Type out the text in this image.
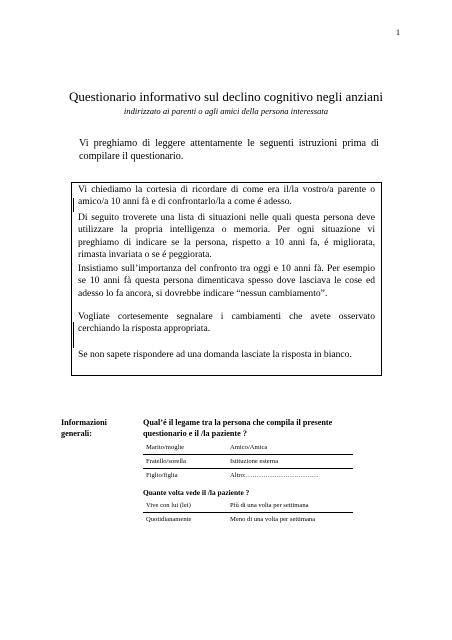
1
Questionario informativo sul declino cognitivo negli anziani
indirizzato ai parenti o agli amici della persona interessata
Vi preghiamo di leggere attentamente le seguenti istruzioni prima di compilare il questionario.
Vi chiediamo la cortesia di ricordare di come era il/la vostro/a parente o amico/a 10 anni fà e di confrontarlo/la a come é adesso.
Di seguito troverete una lista di situazioni nelle quali questa persona deve utilizzare la propria intelligenza o memoria. Per ogni situazione vi preghiamo di indicare se la persona, rispetto a 10 anni fa, é migliorata, rimasta invariata o se é peggiorata.
Insistiamo sull’importanza del confronto tra oggi e 10 anni fà. Per esempio se 10 anni fà questa persona dimenticava spesso dove lasciava le cose ed adesso lo fa ancora, si dovrebbe indicare “nessun cambiamento”.
Vogliate cortesemente segnalare i cambiamenti che avete osservato cerchiando la risposta appropriata.
Se non sapete rispondere ad una domanda lasciate la risposta in bianco.
Informazioni generali:
Qual’é il legame tra la persona che compila il presente questionario e il /la paziente ?
Marito/moglie	Amico/Amica
Fratello/sorella	Istituzione esterna
Figlio/figlia	Altro:……………………………
Quante volta vede il /la paziente ?
Vive con lui (lei)	Più di una volta per settimana
Quotidianamente	Meno di una volta per settimana
